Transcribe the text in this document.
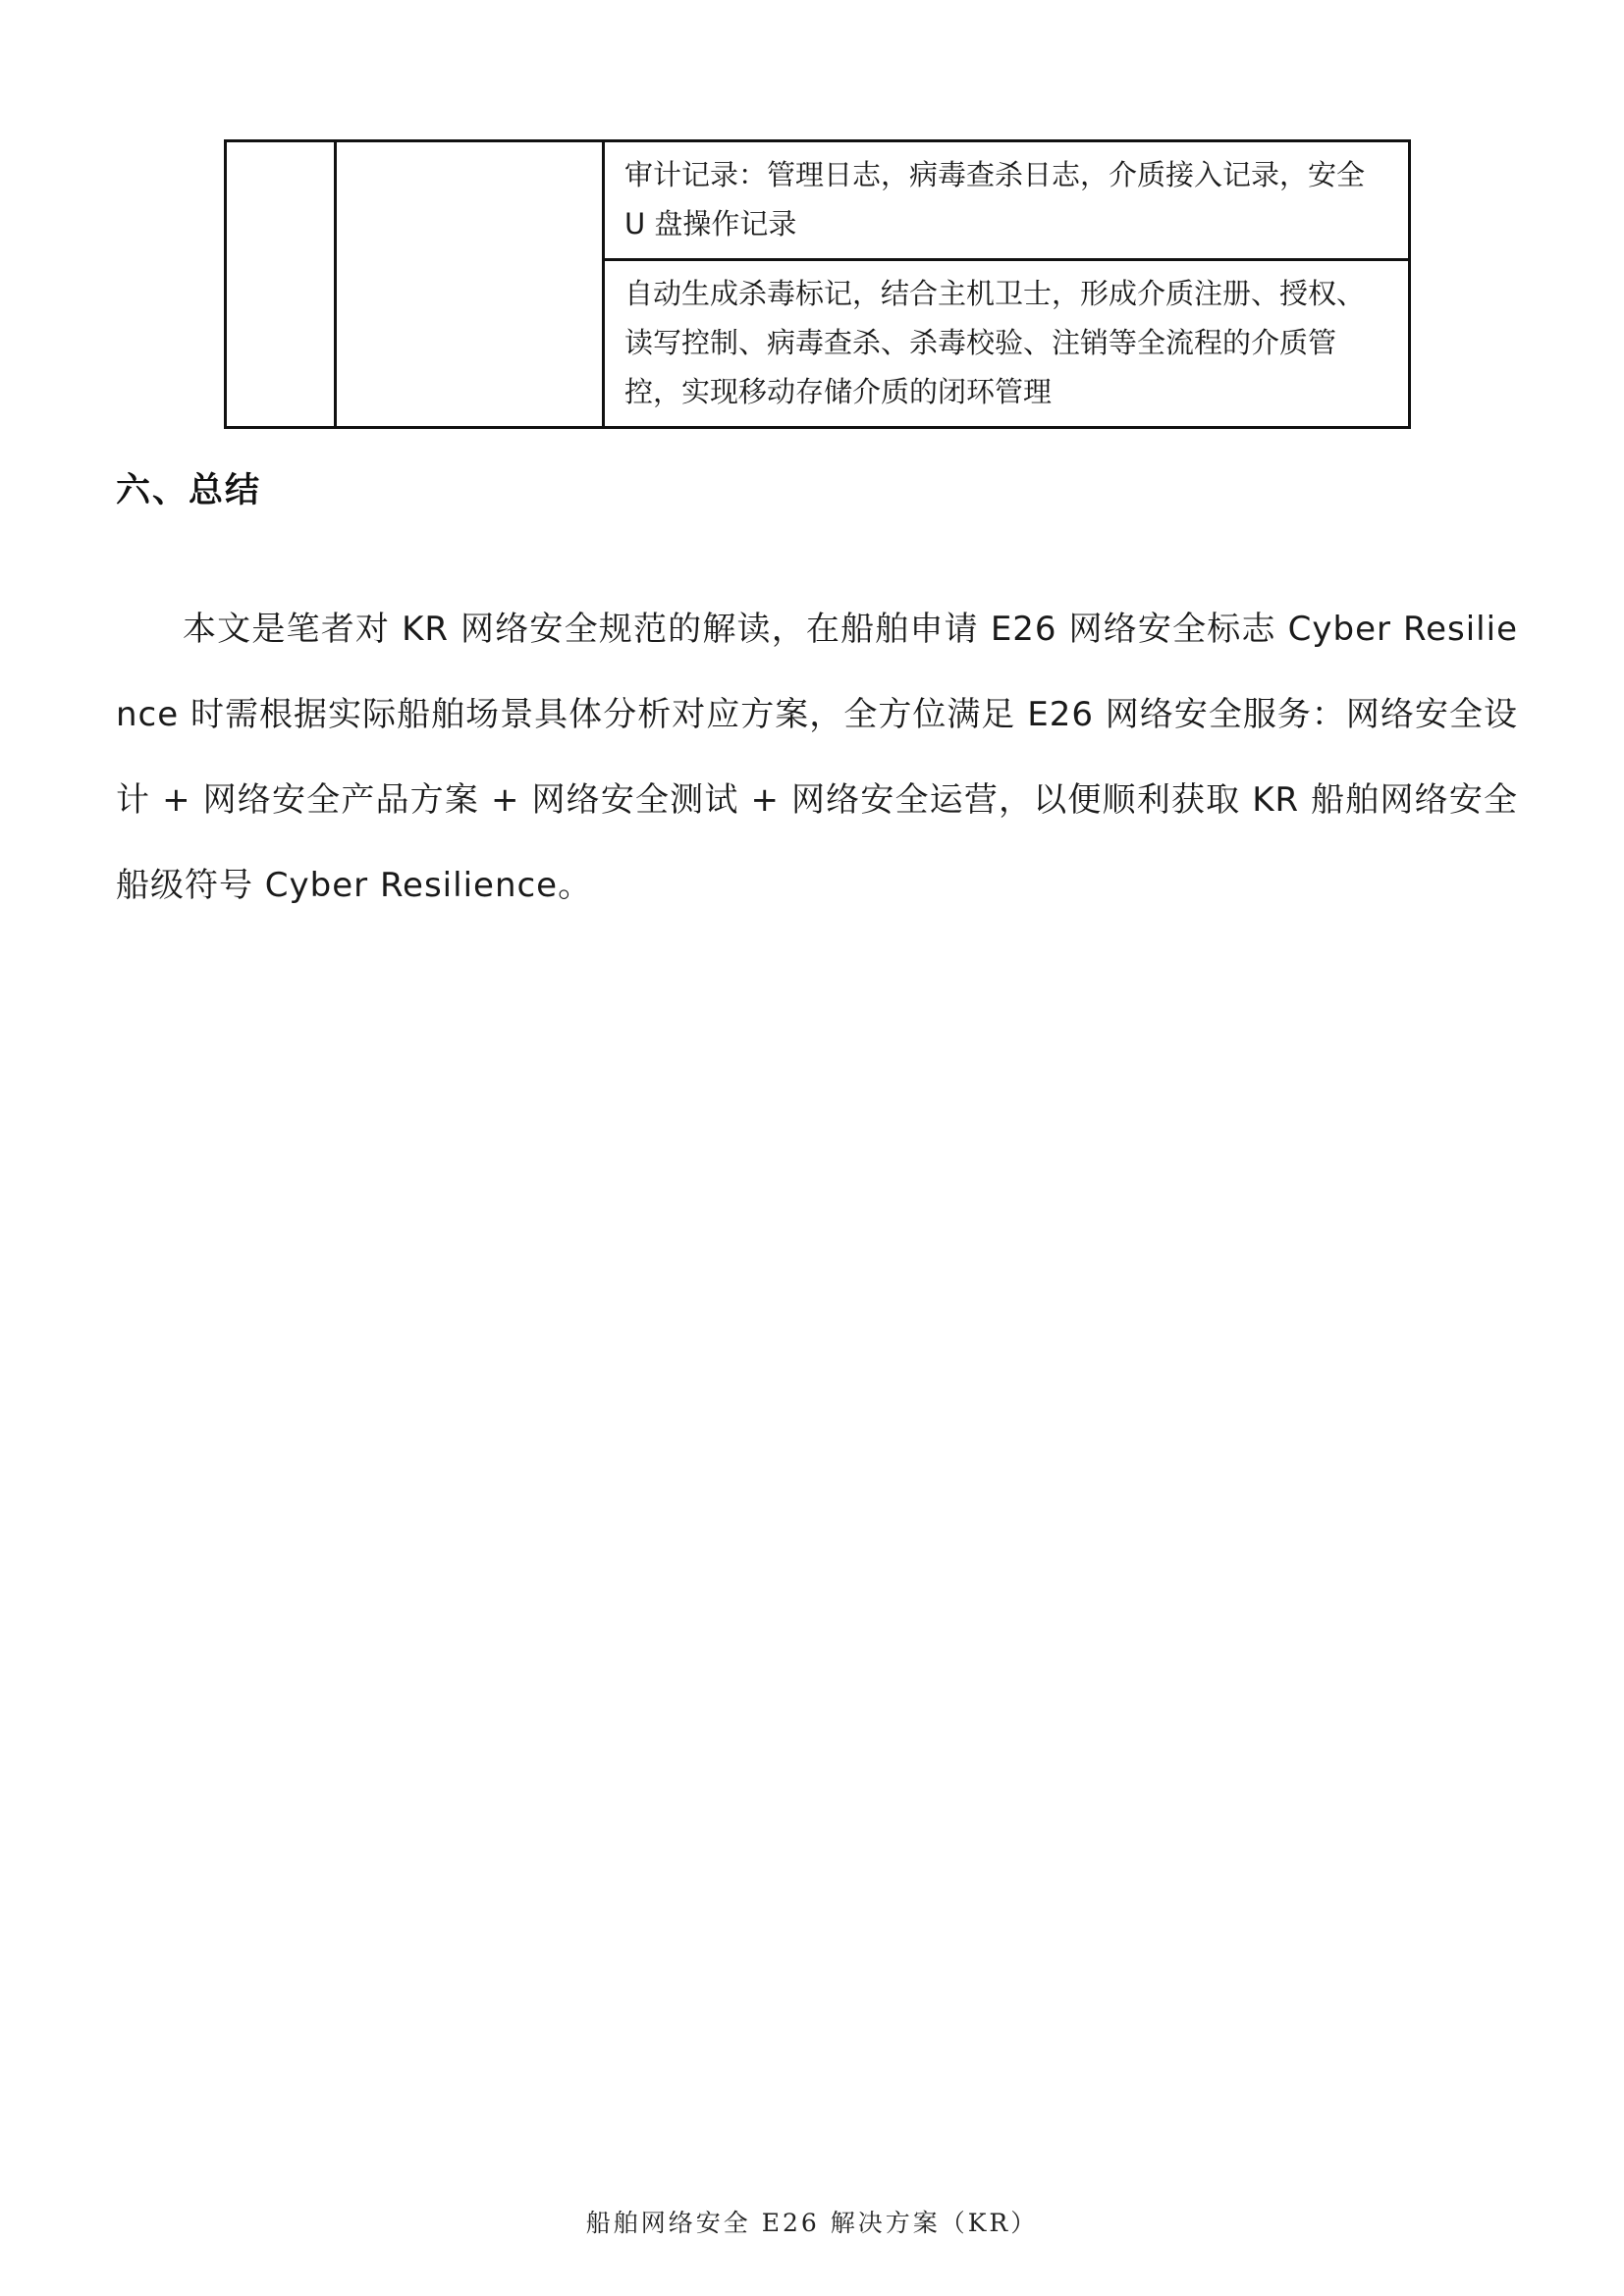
审计记录：管理日志，病毒查杀日志，介质接入记录，安全 U 盘操作记录

自动生成杀毒标记，结合主机卫士，形成介质注册、授权、读写控制、病毒查杀、杀毒校验、注销等全流程的介质管控，实现移动存储介质的闭环管理
六、总结

本文是笔者对 KR 网络安全规范的解读，在船舶申请 E26 网络安全标志 Cyber Resilience 时需根据实际船舶场景具体分析对应方案，全方位满足 E26 网络安全服务：网络安全设计 + 网络安全产品方案 + 网络安全测试 + 网络安全运营，以便顺利获取 KR 船舶网络安全船级符号 Cyber Resilience。

船舶网络安全 E26 解决方案（KR）
